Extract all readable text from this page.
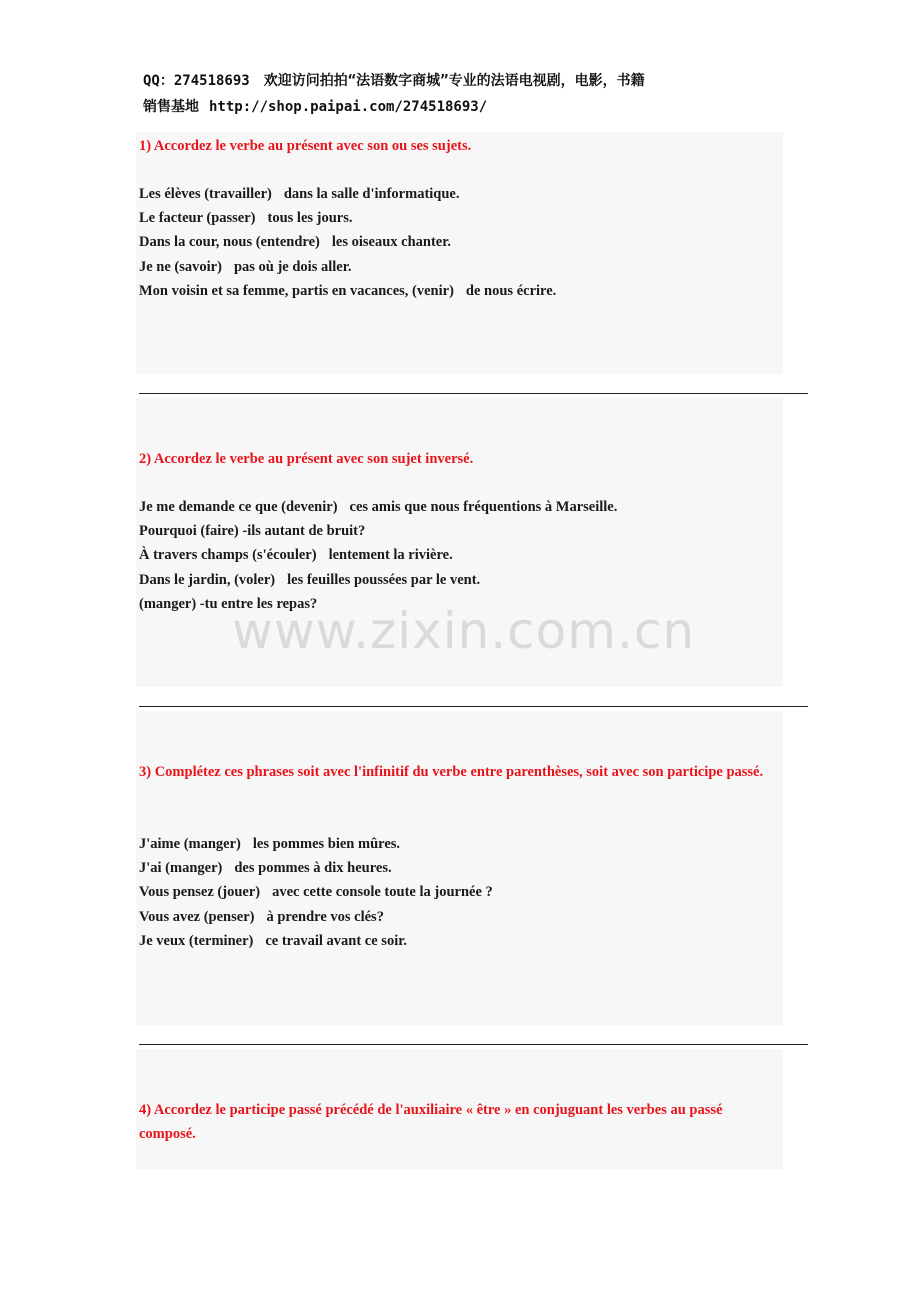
QQ：274518693 欢迎访问拍拍“法语数字商城”专业的法语电视剧，电影，书籍
销售基地 http://shop.paipai.com/274518693/
1) Accordez le verbe au présent avec son ou ses sujets.
Les élèves (travailler) dans la salle d'informatique.
Le facteur (passer) tous les jours.
Dans la cour, nous (entendre) les oiseaux chanter.
Je ne (savoir) pas où je dois aller.
Mon voisin et sa femme, partis en vacances, (venir) de nous écrire.
2) Accordez le verbe au présent avec son sujet inversé.
Je me demande ce que (devenir) ces amis que nous fréquentions à Marseille.
Pourquoi (faire) -ils autant de bruit?
À travers champs (s'écouler) lentement la rivière.
Dans le jardin, (voler) les feuilles poussées par le vent.
(manger) -tu entre les repas?
3) Complétez ces phrases soit avec l'infinitif du verbe entre parenthèses, soit avec son participe passé.
J'aime (manger) les pommes bien mûres.
J'ai (manger) des pommes à dix heures.
Vous pensez (jouer) avec cette console toute la journée ?
Vous avez (penser) à prendre vos clés?
Je veux (terminer) ce travail avant ce soir.
4) Accordez le participe passé précédé de l'auxiliaire « être » en conjuguant les verbes au passé composé.
www.zixin.com.cn
